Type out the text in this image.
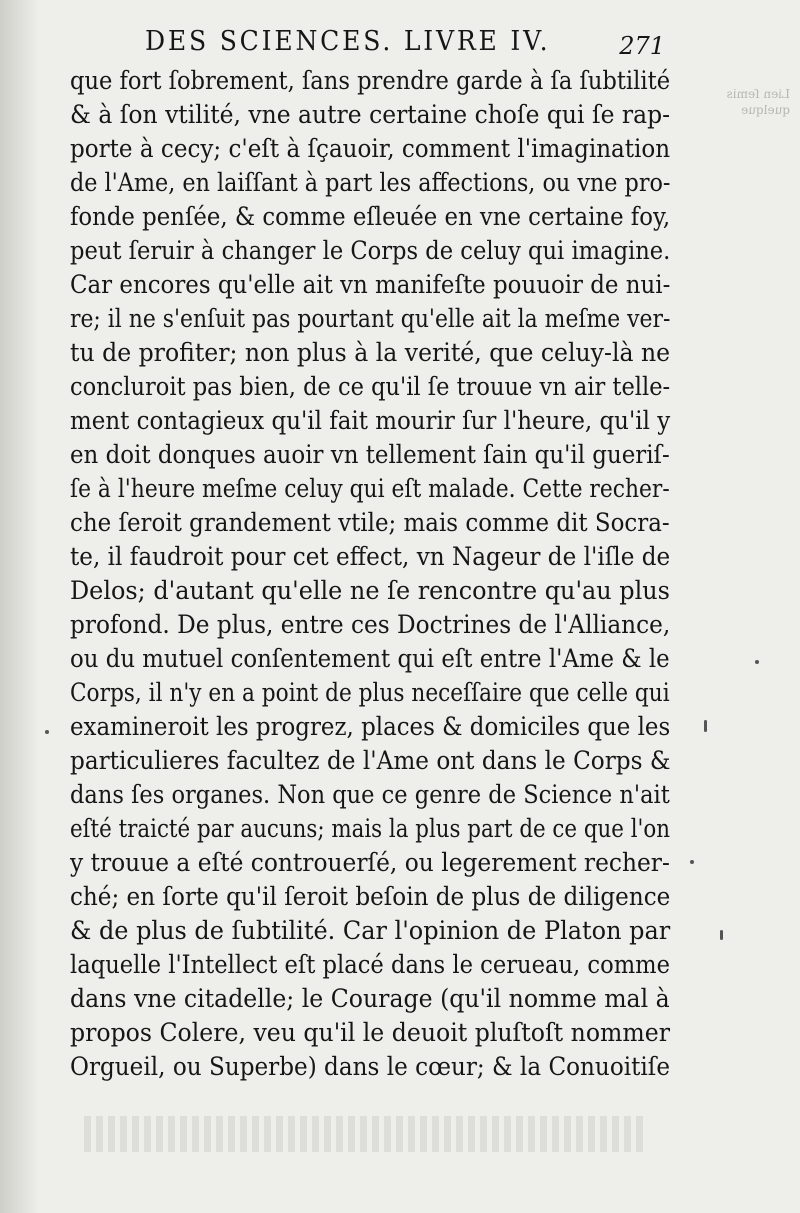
DES SCIENCES. LIVRE IV.	271
Lien ſemis
quelque
que fort ſobrement, ſans prendre garde à ſa ſubtilité
& à ſon vtilité, vne autre certaine choſe qui ſe rap-
porte à cecy; c'eſt à ſçauoir, comment l'imagination
de l'Ame, en laiſſant à part les affections, ou vne pro-
fonde penſée, & comme eſleuée en vne certaine foy,
peut ſeruir à changer le Corps de celuy qui imagine.
Car encores qu'elle ait vn manifeſte pouuoir de nui-
re; il ne s'enſuit pas pourtant qu'elle ait la meſme ver-
tu de profiter; non plus à la verité, que celuy-là ne
concluroit pas bien, de ce qu'il ſe trouue vn air telle-
ment contagieux qu'il fait mourir ſur l'heure, qu'il y
en doit donques auoir vn tellement ſain qu'il gueriſ-
ſe à l'heure meſme celuy qui eſt malade. Cette recher-
che ſeroit grandement vtile; mais comme dit Socra-
te, il faudroit pour cet effect, vn Nageur de l'iſle de
Delos; d'autant qu'elle ne ſe rencontre qu'au plus
profond. De plus, entre ces Doctrines de l'Alliance,
ou du mutuel conſentement qui eſt entre l'Ame & le
Corps, il n'y en a point de plus neceſſaire que celle qui
examineroit les progrez, places & domiciles que les
particulieres facultez de l'Ame ont dans le Corps &
dans ſes organes. Non que ce genre de Science n'ait
eſté traicté par aucuns; mais la plus part de ce que l'on
y trouue a eſté controuerſé, ou legerement recher-
ché; en ſorte qu'il ſeroit beſoin de plus de diligence
& de plus de ſubtilité. Car l'opinion de Platon par
laquelle l'Intellect eſt placé dans le cerueau, comme
dans vne citadelle; le Courage (qu'il nomme mal à
propos Colere, veu qu'il le deuoit pluſtoſt nommer
Orgueil, ou Superbe) dans le cœur; & la Conuoitiſe
